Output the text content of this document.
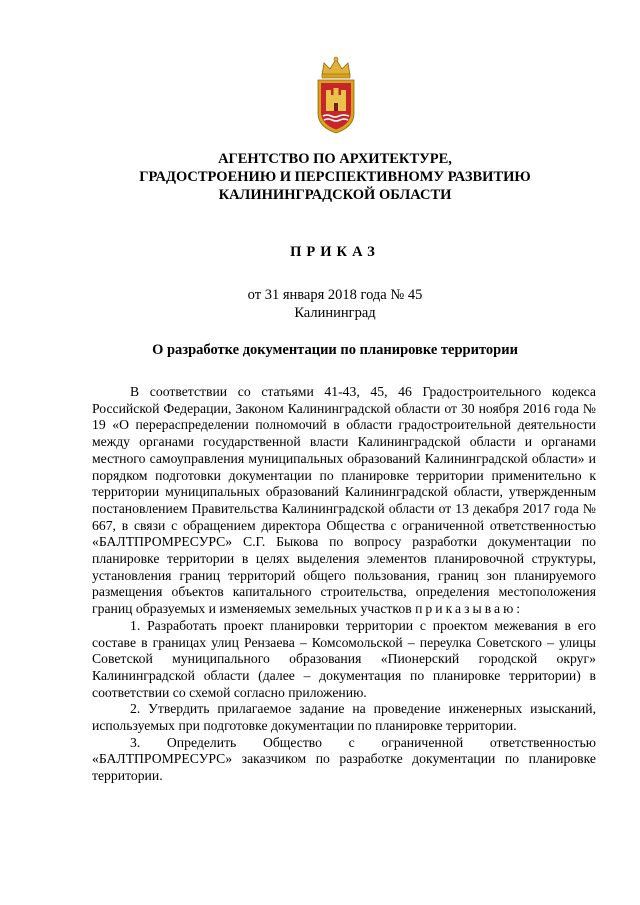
АГЕНТСТВО ПО АРХИТЕКТУРЕ,
ГРАДОСТРОЕНИЮ И ПЕРСПЕКТИВНОМУ РАЗВИТИЮ
КАЛИНИНГРАДСКОЙ ОБЛАСТИ
ПРИКАЗ
от 31 января 2018 года № 45
Калининград
О разработке документации по планировке территории

В соответствии со статьями 41-43, 45, 46 Градостроительного кодекса Российской Федерации, Законом Калининградской области от 30 ноября 2016 года № 19 «О перераспределении полномочий в области градостроительной деятельности между органами государственной власти Калининградской области и органами местного самоуправления муниципальных образований Калининградской области» и порядком подготовки документации по планировке территории применительно к территории муниципальных образований Калининградской области, утвержденным постановлением Правительства Калининградской области от 13 декабря 2017 года № 667, в связи с обращением директора Общества с ограниченной ответственностью «БАЛТПРОМРЕСУРС» С.Г. Быкова по вопросу разработки документации по планировке территории в целях выделения элементов планировочной структуры, установления границ территорий общего пользования, границ зон планируемого размещения объектов капитального строительства, определения местоположения границ образуемых и изменяемых земельных участков приказываю:

1. Разработать проект планировки территории с проектом межевания в его составе в границах улиц Рензаева – Комсомольской – переулка Советского – улицы Советской муниципального образования «Пионерский городской округ» Калининградской области (далее – документация по планировке территории) в соответствии со схемой согласно приложению.

2. Утвердить прилагаемое задание на проведение инженерных изысканий, используемых при подготовке документации по планировке территории.

3. Определить Общество с ограниченной ответственностью «БАЛТПРОМРЕСУРС» заказчиком по разработке документации по планировке территории.
